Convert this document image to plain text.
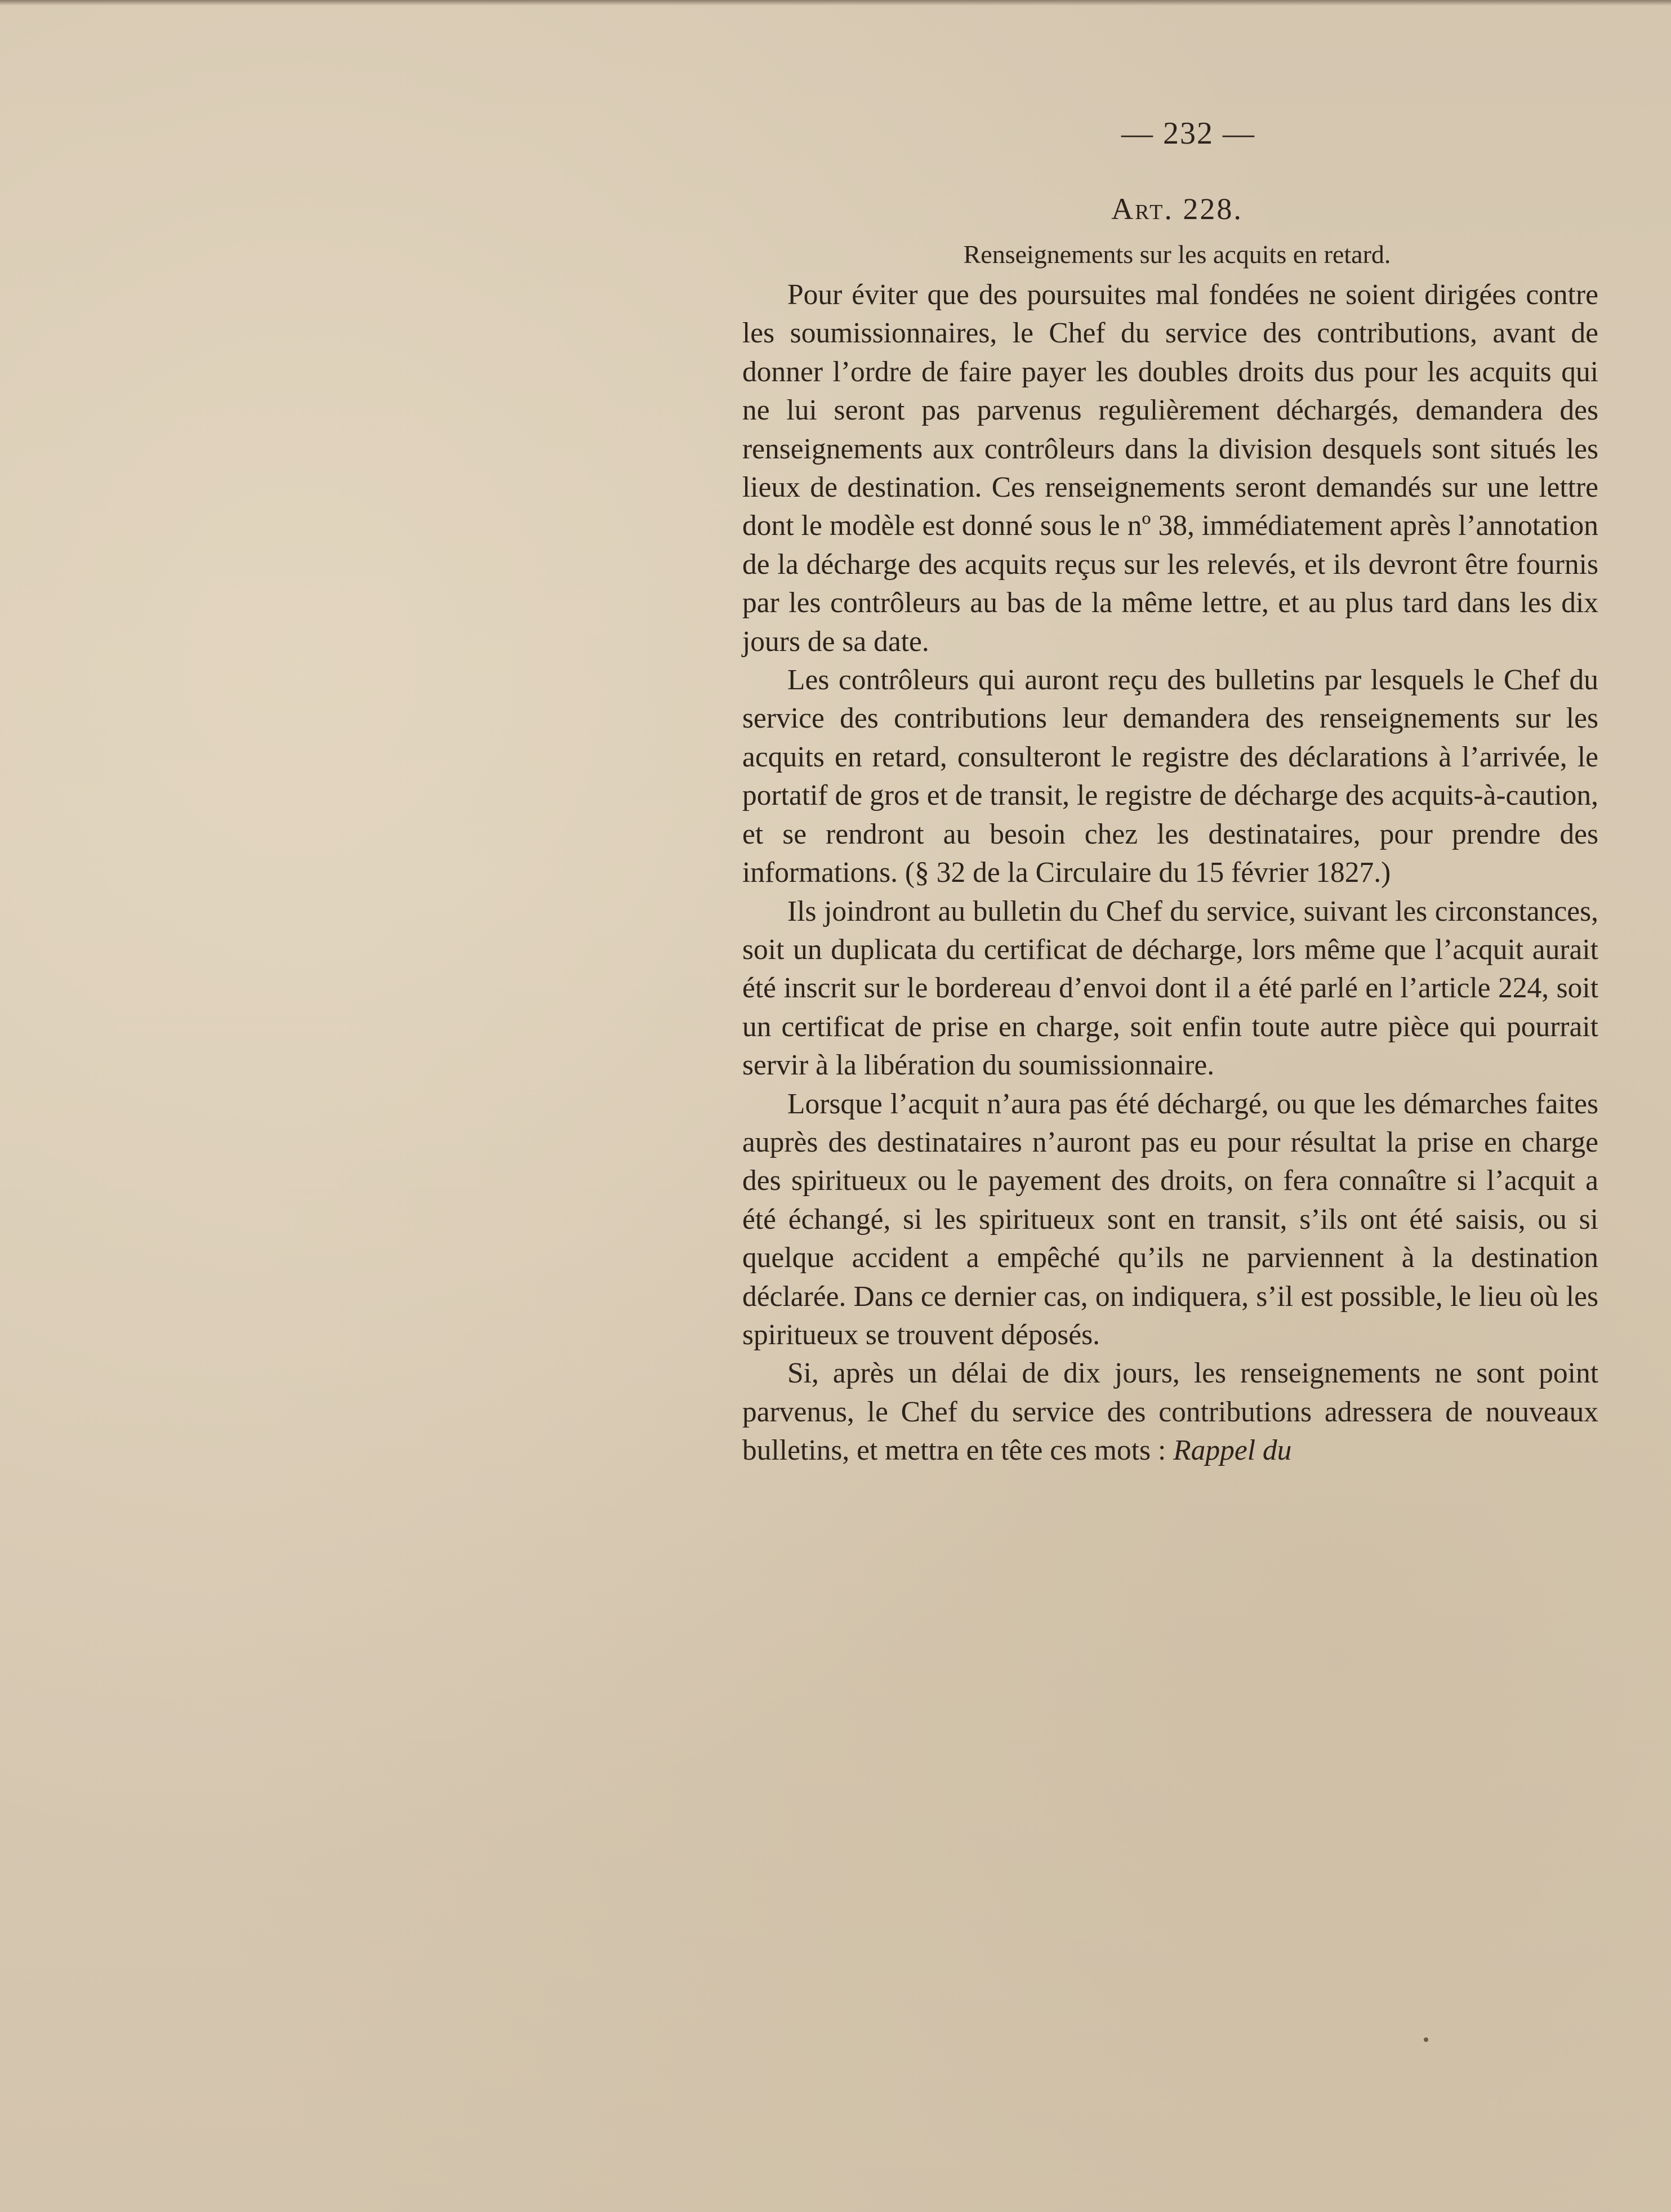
— 232 —
Art. 228.
Renseignements sur les acquits en retard.

Pour éviter que des poursuites mal fondées ne soient dirigées contre les soumissionnaires, le Chef du service des contributions, avant de donner l’ordre de faire payer les doubles droits dus pour les acquits qui ne lui seront pas parvenus regulièrement déchargés, demandera des renseignements aux contrôleurs dans la division desquels sont situés les lieux de destination. Ces renseignements seront demandés sur une lettre dont le modèle est donné sous le nº 38, immédiatement après l’annotation de la décharge des acquits reçus sur les relevés, et ils devront être fournis par les contrôleurs au bas de la même lettre, et au plus tard dans les dix jours de sa date.

Les contrôleurs qui auront reçu des bulletins par lesquels le Chef du service des contributions leur demandera des renseignements sur les acquits en retard, consulteront le registre des déclarations à l’arrivée, le portatif de gros et de transit, le registre de décharge des acquits-à-caution, et se rendront au besoin chez les destinataires, pour prendre des informations. (§ 32 de la Circulaire du 15 février 1827.)

Ils joindront au bulletin du Chef du service, suivant les circonstances, soit un duplicata du certificat de décharge, lors même que l’acquit aurait été inscrit sur le bordereau d’envoi dont il a été parlé en l’article 224, soit un certificat de prise en charge, soit enfin toute autre pièce qui pourrait servir à la libération du soumissionnaire.

Lorsque l’acquit n’aura pas été déchargé, ou que les démarches faites auprès des destinataires n’auront pas eu pour résultat la prise en charge des spiritueux ou le payement des droits, on fera connaître si l’acquit a été échangé, si les spiritueux sont en transit, s’ils ont été saisis, ou si quelque accident a empêché qu’ils ne parviennent à la destination déclarée. Dans ce dernier cas, on indiquera, s’il est possible, le lieu où les spiritueux se trouvent déposés.

Si, après un délai de dix jours, les renseignements ne sont point parvenus, le Chef du service des contributions adressera de nouveaux bulletins, et mettra en tête ces mots : Rappel du
